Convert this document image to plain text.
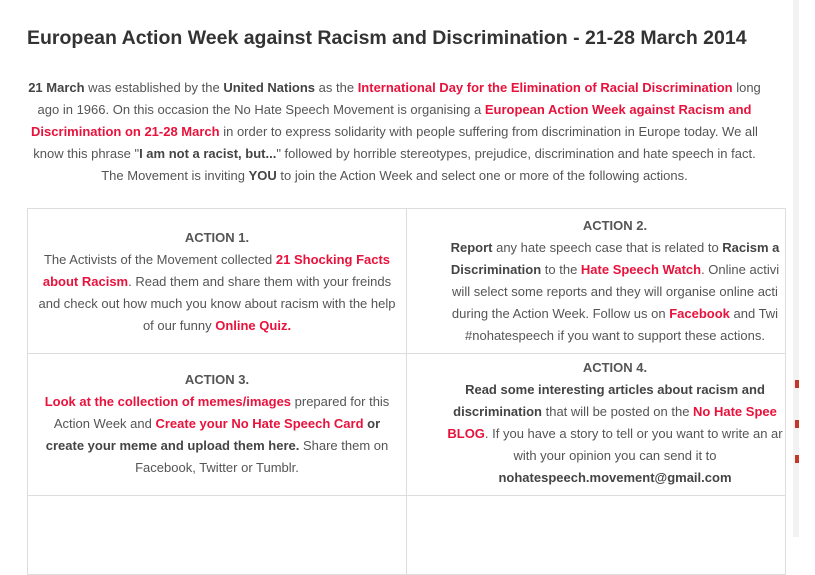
European Action Week against Racism and Discrimination - 21-28 March 2014
21 March was established by the United Nations as the International Day for the Elimination of Racial Discrimination long ago in 1966. On this occasion the No Hate Speech Movement is organising a European Action Week against Racism and Discrimination on 21-28 March in order to express solidarity with people suffering from discrimination in Europe today. We all know this phrase "I am not a racist, but..." followed by horrible stereotypes, prejudice, discrimination and hate speech in fact. The Movement is inviting YOU to join the Action Week and select one or more of the following actions.
ACTION 1.
The Activists of the Movement collected 21 Shocking Facts about Racism. Read them and share them with your freinds and check out how much you know about racism with the help of our funny Online Quiz.
ACTION 2.
Report any hate speech case that is related to Racism a
Discrimination to the Hate Speech Watch. Online activi
will select some reports and they will organise online acti
during the Action Week. Follow us on Facebook and Twi
#nohatespeech if you want to support these actions.
ACTION 3.
Look at the collection of memes/images prepared for this Action Week and Create your No Hate Speech Card or create your meme and upload them here. Share them on Facebook, Twitter or Tumblr.
ACTION 4.
Read some interesting articles about racism and
discrimination that will be posted on the No Hate Spee
BLOG. If you have a story to tell or you want to write an ar
with your opinion you can send it to
nohatespeech.movement@gmail.com
